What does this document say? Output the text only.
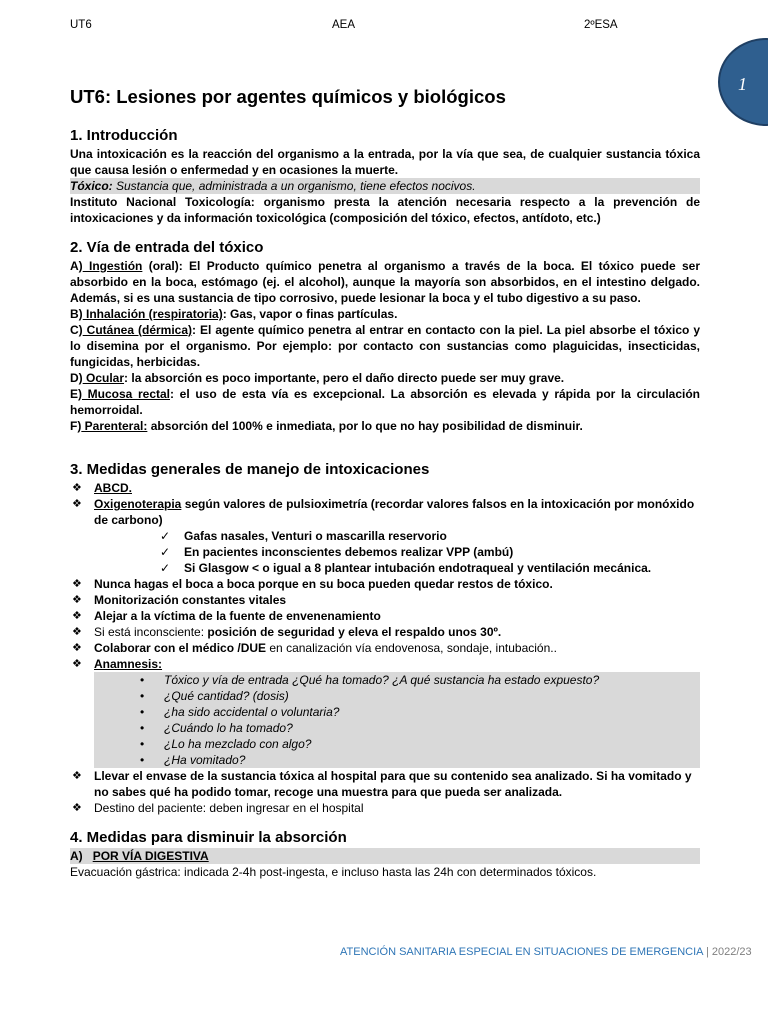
UT6	AEA	2ºESA
1
UT6: Lesiones por agentes químicos y biológicos
1. Introducción

Una intoxicación es la reacción del organismo a la entrada, por la vía que sea, de cualquier sustancia tóxica que causa lesión o enfermedad y en ocasiones la muerte.

Tóxico: Sustancia que, administrada a un organismo, tiene efectos nocivos.

Instituto Nacional Toxicología: organismo presta la atención necesaria respecto a la prevención de intoxicaciones y da información toxicológica (composición del tóxico, efectos, antídoto, etc.)

2. Vía de entrada del tóxico

A) Ingestión (oral): El Producto químico penetra al organismo a través de la boca. El tóxico puede ser absorbido en la boca, estómago (ej. el alcohol), aunque la mayoría son absorbidos, en el intestino delgado. Además, si es una sustancia de tipo corrosivo, puede lesionar la boca y el tubo digestivo a su paso.

B) Inhalación (respiratoria): Gas, vapor o finas partículas.

C) Cutánea (dérmica): El agente químico penetra al entrar en contacto con la piel. La piel absorbe el tóxico y lo disemina por el organismo. Por ejemplo: por contacto con sustancias como plaguicidas, insecticidas, fungicidas, herbicidas.

D) Ocular: la absorción es poco importante, pero el daño directo puede ser muy grave.

E) Mucosa rectal: el uso de esta vía es excepcional. La absorción es elevada y rápida por la circulación hemorroidal.

F) Parenteral: absorción del 100% e inmediata, por lo que no hay posibilidad de disminuir.

3. Medidas generales de manejo de intoxicaciones
❖ ABCD.
❖ Oxigenoterapia según valores de pulsioximetría (recordar valores falsos en la intoxicación por monóxido de carbono)
✓ Gafas nasales, Venturi o mascarilla reservorio
✓ En pacientes inconscientes debemos realizar VPP (ambú)
✓ Si Glasgow < o igual a 8 plantear intubación endotraqueal y ventilación mecánica.
❖ Nunca hagas el boca a boca porque en su boca pueden quedar restos de tóxico.
❖ Monitorización constantes vitales
❖ Alejar a la víctima de la fuente de envenenamiento
❖ Si está inconsciente: posición de seguridad y eleva el respaldo unos 30º.
❖ Colaborar con el médico /DUE en canalización vía endovenosa, sondaje, intubación..
❖ Anamnesis:
• Tóxico y vía de entrada ¿Qué ha tomado? ¿A qué sustancia ha estado expuesto?
• ¿Qué cantidad? (dosis)
• ¿ha sido accidental o voluntaria?
• ¿Cuándo lo ha tomado?
• ¿Lo ha mezclado con algo?
• ¿Ha vomitado?
❖ Llevar el envase de la sustancia tóxica al hospital para que su contenido sea analizado. Si ha vomitado y no sabes qué ha podido tomar, recoge una muestra para que pueda ser analizada.
❖ Destino del paciente: deben ingresar en el hospital
4. Medidas para disminuir la absorción

A) POR VÍA DIGESTIVA

Evacuación gástrica: indicada 2-4h post-ingesta, e incluso hasta las 24h con determinados tóxicos.

ATENCIÓN SANITARIA ESPECIAL EN SITUACIONES DE EMERGENCIA | 2022/23
